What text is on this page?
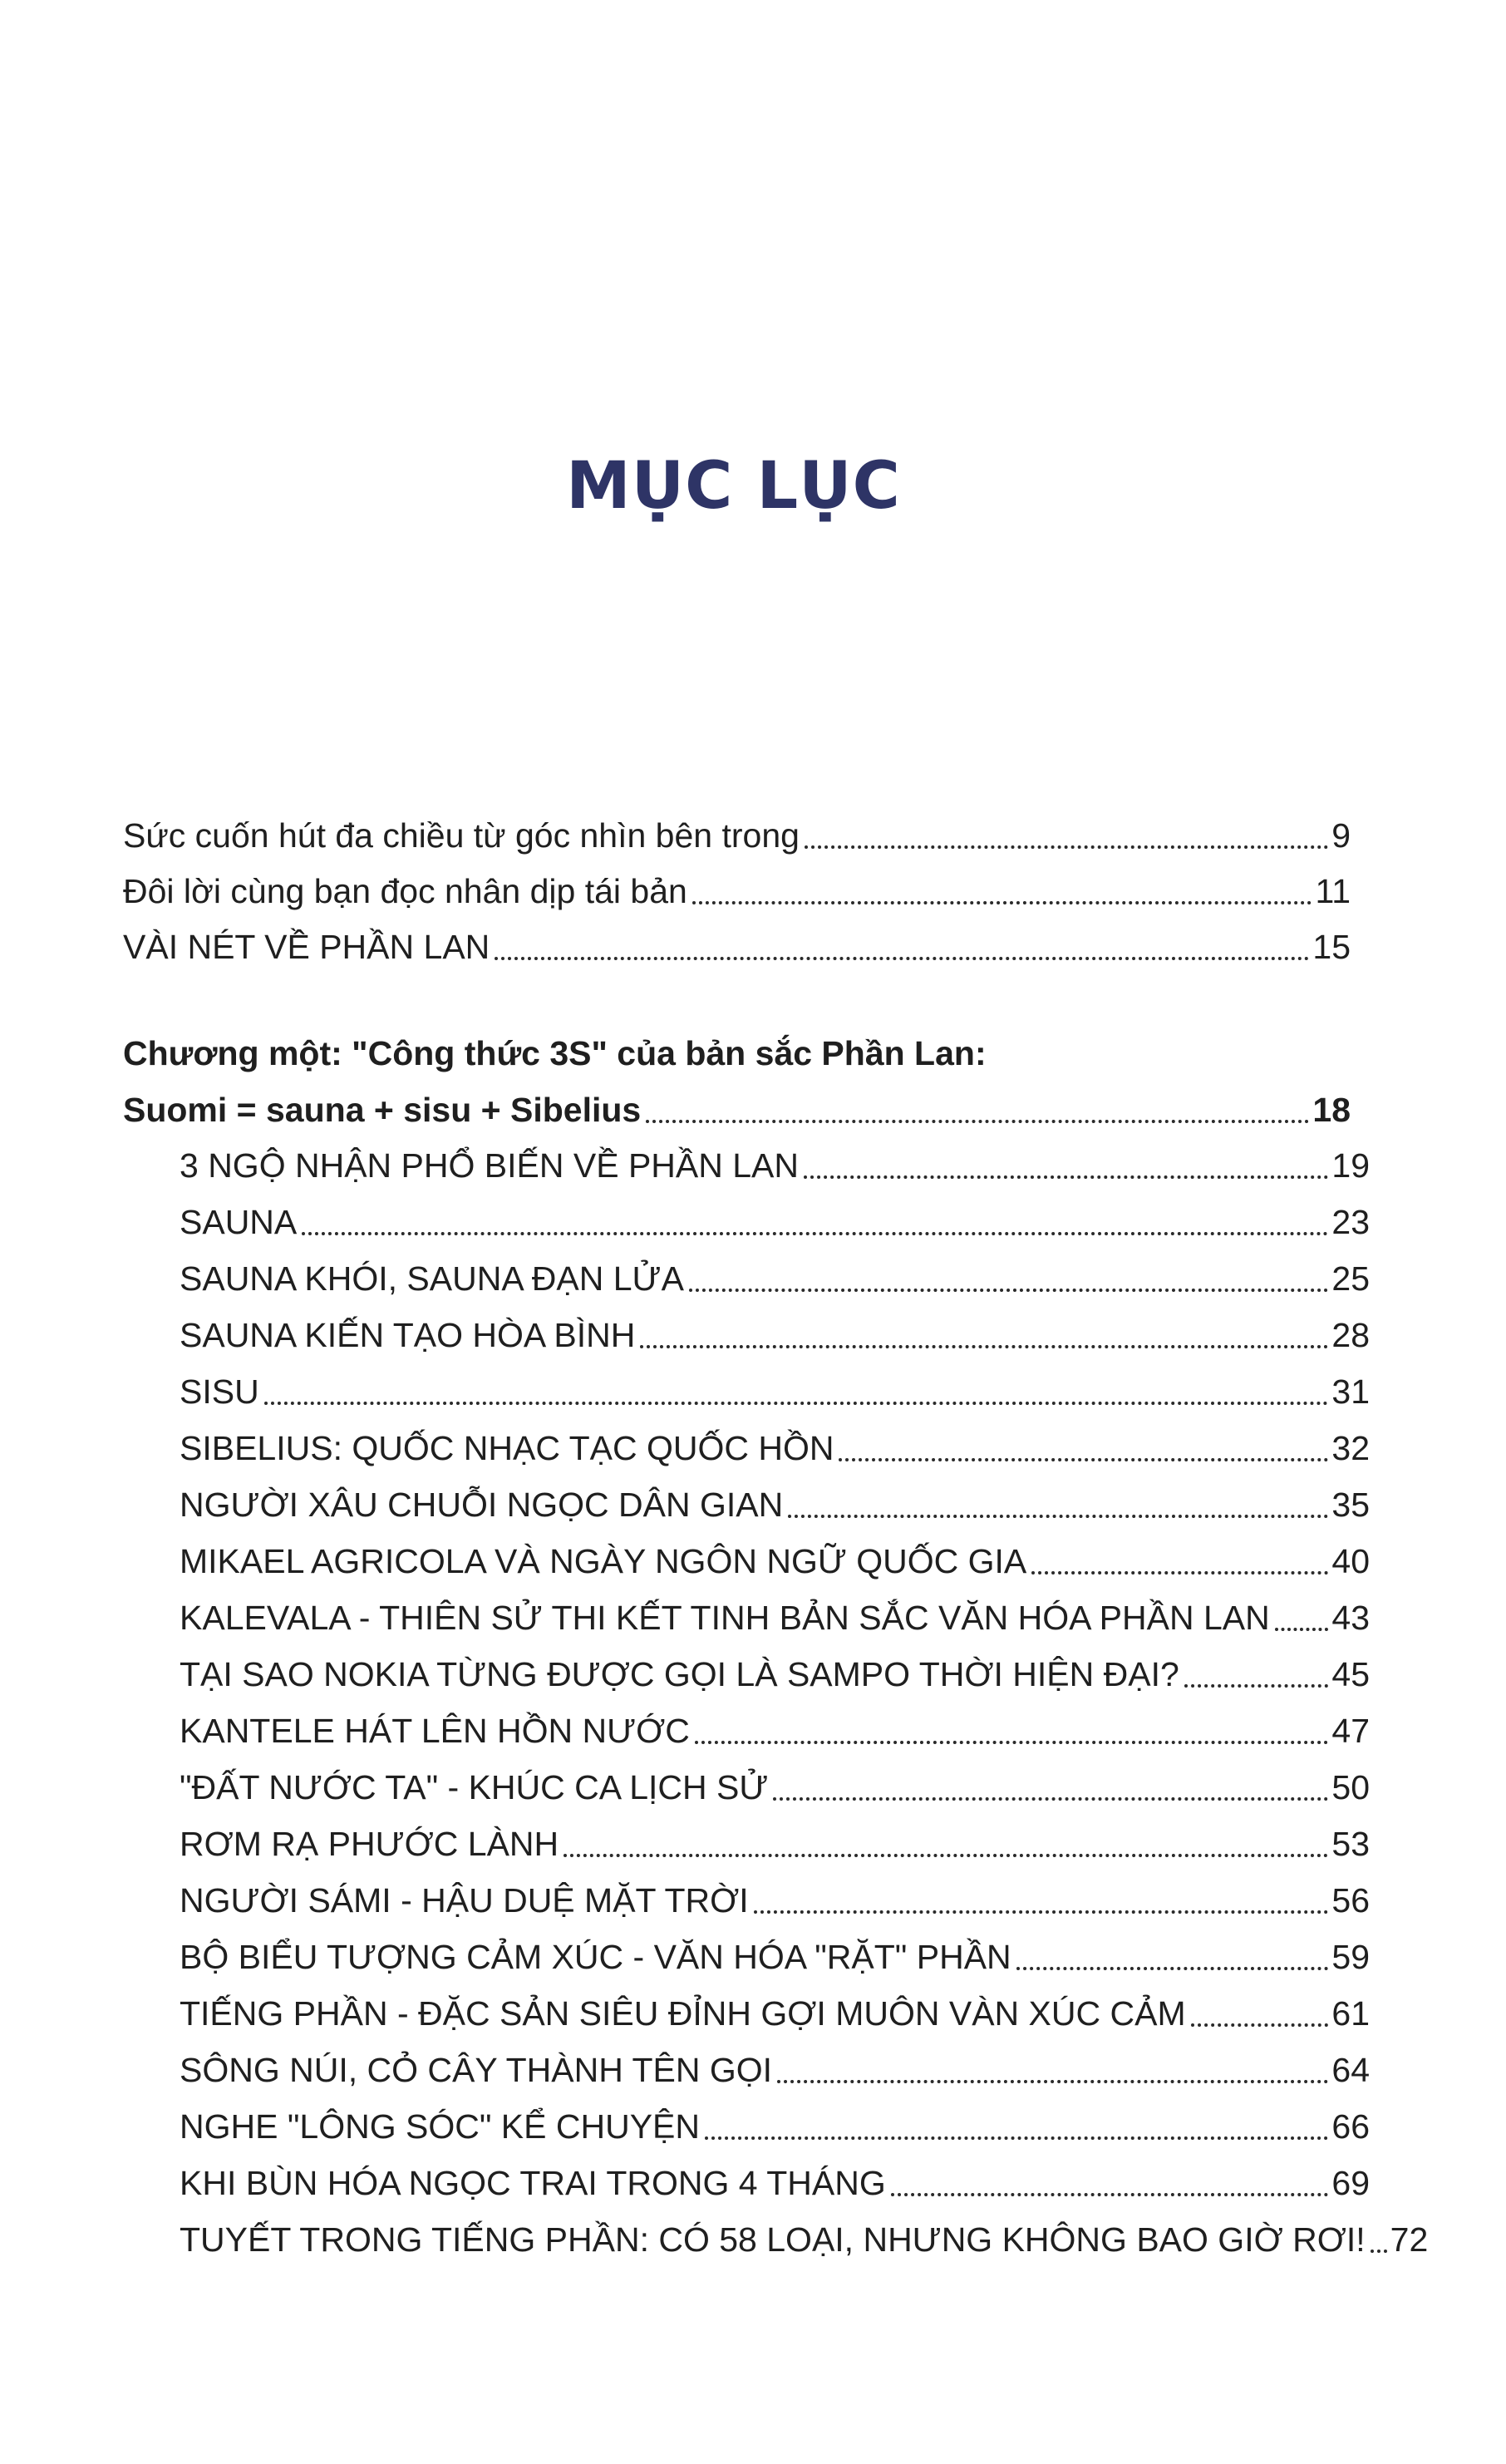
MỤC LỤC
Sức cuốn hút đa chiều từ góc nhìn bên trong	9
Đôi lời cùng bạn đọc nhân dịp tái bản	11
VÀI NÉT VỀ PHẦN LAN	15
Chương một: "Công thức 3S" của bản sắc Phần Lan:
Suomi = sauna + sisu + Sibelius	18
3 NGỘ NHẬN PHỔ BIẾN VỀ PHẦN LAN	19
SAUNA	23
SAUNA KHÓI, SAUNA ĐẠN LỬA	25
SAUNA KIẾN TẠO HÒA BÌNH	28
SISU	31
SIBELIUS: QUỐC NHẠC TẠC QUỐC HỒN	32
NGƯỜI XÂU CHUỖI NGỌC DÂN GIAN	35
MIKAEL AGRICOLA VÀ NGÀY NGÔN NGỮ QUỐC GIA	40
KALEVALA - THIÊN SỬ THI KẾT TINH BẢN SẮC VĂN HÓA PHẦN LAN 43
TẠI SAO NOKIA TỪNG ĐƯỢC GỌI LÀ SAMPO THỜI HIỆN ĐẠI?	45
KANTELE HÁT LÊN HỒN NƯỚC	47
"ĐẤT NƯỚC TA" - KHÚC CA LỊCH SỬ	50
RƠM RẠ PHƯỚC LÀNH	53
NGƯỜI SÁMI - HẬU DUỆ MẶT TRỜI	56
BỘ BIỂU TƯỢNG CẢM XÚC - VĂN HÓA "RẶT" PHẦN	59
TIẾNG PHẦN - ĐẶC SẢN SIÊU ĐỈNH GỢI MUÔN VÀN XÚC CẢM	61
SÔNG NÚI, CỎ CÂY THÀNH TÊN GỌI	64
NGHE "LÔNG SÓC" KỂ CHUYỆN	66
KHI BÙN HÓA NGỌC TRAI TRONG 4 THÁNG	69
TUYẾT TRONG TIẾNG PHẦN: CÓ 58 LOẠI, NHƯNG KHÔNG BAO GIỜ RƠI! 72
